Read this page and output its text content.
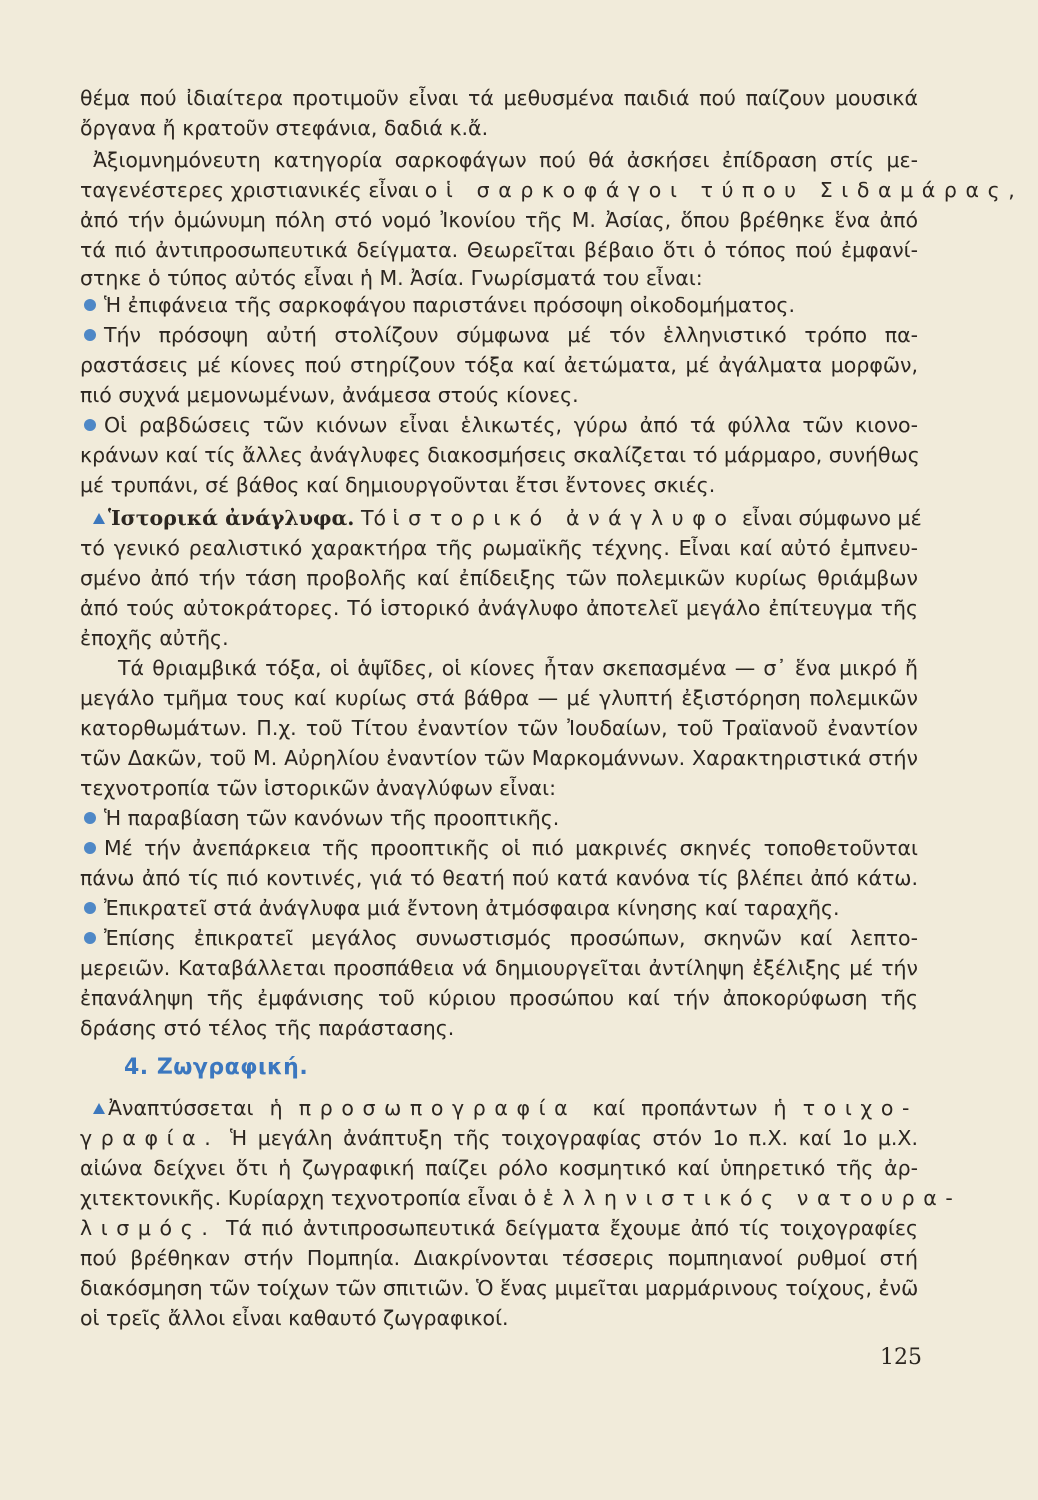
θέμα πού ἰδιαίτερα προτιμοῦν εἶναι τά μεθυσμένα παιδιά πού παίζουν μουσικά
ὄργανα ἤ κρατοῦν στεφάνια, δαδιά κ.ἄ.
Ἀξιομνημόνευτη κατηγορία σαρκοφάγων πού θά ἀσκήσει ἐπίδραση στίς με-
ταγενέστερες χριστιανικές εἶναι οἱ σαρκοφάγοι τύπου Σιδαμάρας,
ἀπό τήν ὁμώνυμη πόλη στό νομό Ἰκονίου τῆς Μ. Ἀσίας, ὅπου βρέθηκε ἕνα ἀπό
τά πιό ἀντιπροσωπευτικά δείγματα. Θεωρεῖται βέβαιο ὅτι ὁ τόπος πού ἐμφανί-
στηκε ὁ τύπος αὐτός εἶναι ἡ Μ. Ἀσία. Γνωρίσματά του εἶναι:
Ἡ ἐπιφάνεια τῆς σαρκοφάγου παριστάνει πρόσοψη οἰκοδομήματος.
Τήν πρόσοψη αὐτή στολίζουν σύμφωνα μέ τόν ἑλληνιστικό τρόπο πα-
ραστάσεις μέ κίονες πού στηρίζουν τόξα καί ἀετώματα, μέ ἀγάλματα μορφῶν,
πιό συχνά μεμονωμένων, ἀνάμεσα στούς κίονες.
Οἱ ραβδώσεις τῶν κιόνων εἶναι ἑλικωτές, γύρω ἀπό τά φύλλα τῶν κιονο-
κράνων καί τίς ἄλλες ἀνάγλυφες διακοσμήσεις σκαλίζεται τό μάρμαρο, συνήθως
μέ τρυπάνι, σέ βάθος καί δημιουργοῦνται ἔτσι ἔντονες σκιές.
Ἱστορικά ἀνάγλυφα. Τό ἱστορικό ἀνάγλυφο εἶναι σύμφωνο μέ
τό γενικό ρεαλιστικό χαρακτήρα τῆς ρωμαϊκῆς τέχνης. Εἶναι καί αὐτό ἐμπνευ-
σμένο ἀπό τήν τάση προβολῆς καί ἐπίδειξης τῶν πολεμικῶν κυρίως θριάμβων
ἀπό τούς αὐτοκράτορες. Τό ἱστορικό ἀνάγλυφο ἀποτελεῖ μεγάλο ἐπίτευγμα τῆς
ἐποχῆς αὐτῆς.
Τά θριαμβικά τόξα, οἱ ἁψῖδες, οἱ κίονες ἦταν σκεπασμένα — σ᾿ ἕνα μικρό ἤ
μεγάλο τμῆμα τους καί κυρίως στά βάθρα — μέ γλυπτή ἐξιστόρηση πολεμικῶν
κατορθωμάτων. Π.χ. τοῦ Τίτου ἐναντίον τῶν Ἰουδαίων, τοῦ Τραϊανοῦ ἐναντίον
τῶν Δακῶν, τοῦ Μ. Αὐρηλίου ἐναντίον τῶν Μαρκομάννων. Χαρακτηριστικά στήν
τεχνοτροπία τῶν ἱστορικῶν ἀναγλύφων εἶναι:
Ἡ παραβίαση τῶν κανόνων τῆς προοπτικῆς.
Μέ τήν ἀνεπάρκεια τῆς προοπτικῆς οἱ πιό μακρινές σκηνές τοποθετοῦνται
πάνω ἀπό τίς πιό κοντινές, γιά τό θεατή πού κατά κανόνα τίς βλέπει ἀπό κάτω.
Ἐπικρατεῖ στά ἀνάγλυφα μιά ἔντονη ἀτμόσφαιρα κίνησης καί ταραχῆς.
Ἐπίσης ἐπικρατεῖ μεγάλος συνωστισμός προσώπων, σκηνῶν καί λεπτο-
μερειῶν. Καταβάλλεται προσπάθεια νά δημιουργεῖται ἀντίληψη ἐξέλιξης μέ τήν
ἐπανάληψη τῆς ἐμφάνισης τοῦ κύριου προσώπου καί τήν ἀποκορύφωση τῆς
δράσης στό τέλος τῆς παράστασης.
4. Ζωγραφική.
Ἀναπτύσσεται ἡ προσωπογραφία καί προπάντων ἡ τοιχο-
γραφία. Ἡ μεγάλη ἀνάπτυξη τῆς τοιχογραφίας στόν 1ο π.Χ. καί 1ο μ.Χ.
αἰώνα δείχνει ὅτι ἡ ζωγραφική παίζει ρόλο κοσμητικό καί ὑπηρετικό τῆς ἀρ-
χιτεκτονικῆς. Κυρίαρχη τεχνοτροπία εἶναι ὁ ἑλληνιστικός νατουρα-
λισμός. Τά πιό ἀντιπροσωπευτικά δείγματα ἔχουμε ἀπό τίς τοιχογραφίες
πού βρέθηκαν στήν Πομπηία. Διακρίνονται τέσσερις πομπηιανοί ρυθμοί στή
διακόσμηση τῶν τοίχων τῶν σπιτιῶν. Ὁ ἕνας μιμεῖται μαρμάρινους τοίχους, ἐνῶ
οἱ τρεῖς ἄλλοι εἶναι καθαυτό ζωγραφικοί.
125
